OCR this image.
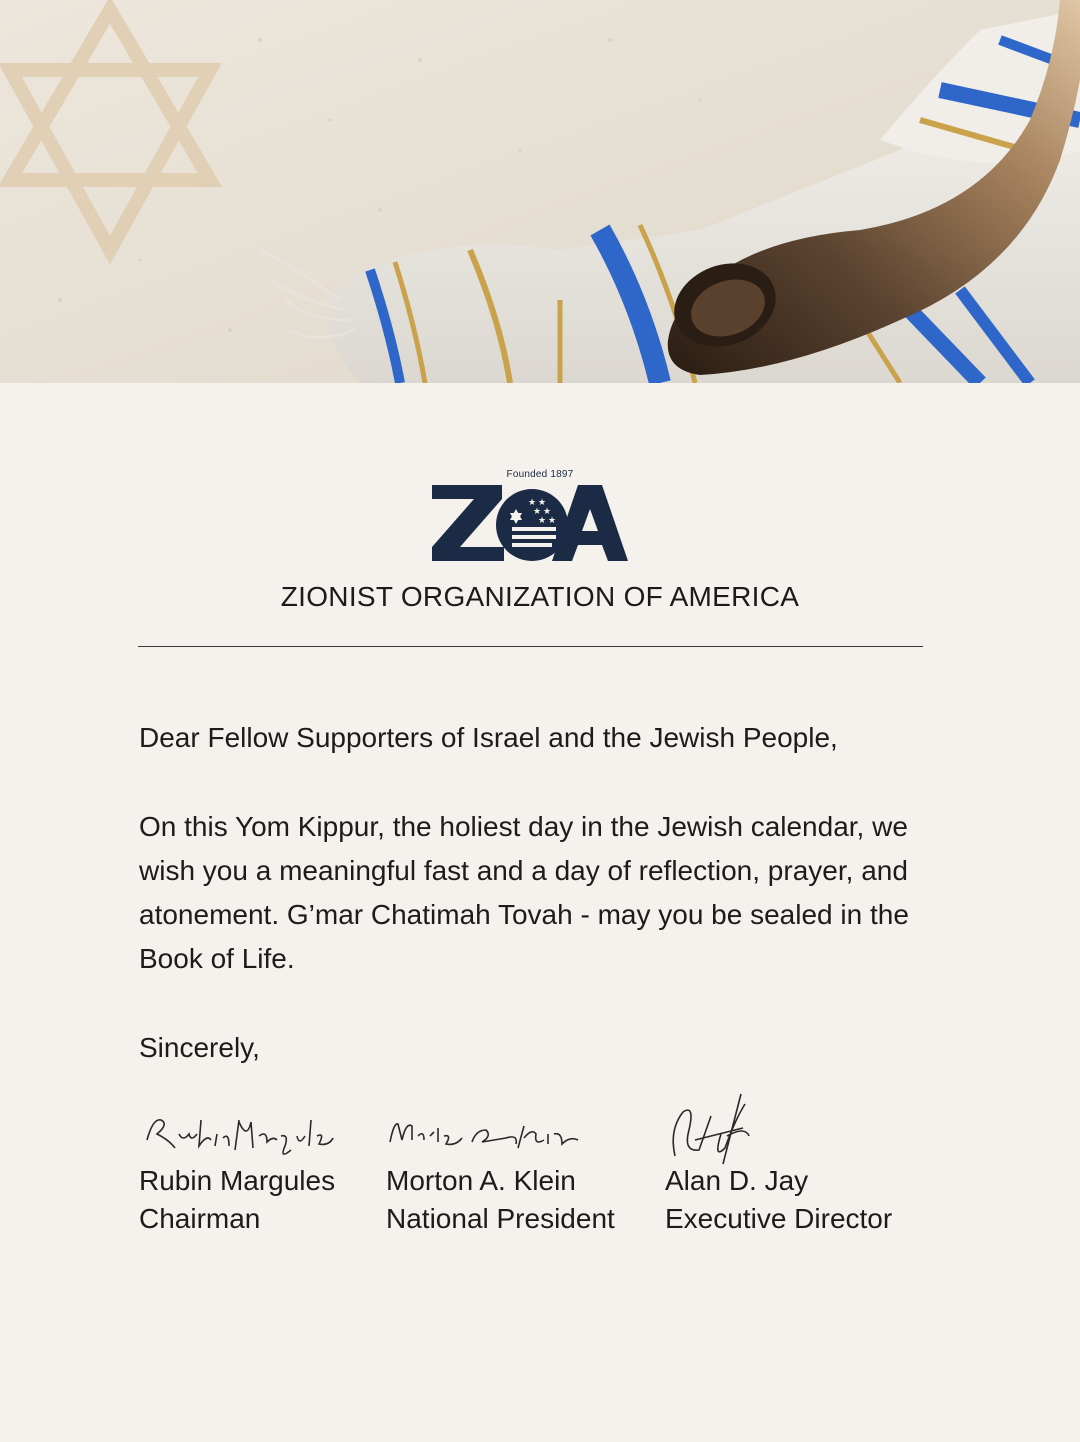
Founded 1897
★ ★
★ ★
★ ★
ZIONIST ORGANIZATION OF AMERICA
Dear Fellow Supporters of Israel and the Jewish People,
On this Yom Kippur, the holiest day in the Jewish calendar, we wish you a meaningful fast and a day of reflection, prayer, and atonement. G’mar Chatimah Tovah - may you be sealed in the Book of Life.
Sincerely,
Rubin Margules
Chairman
Morton A. Klein
National President
Alan D. Jay
Executive Director
